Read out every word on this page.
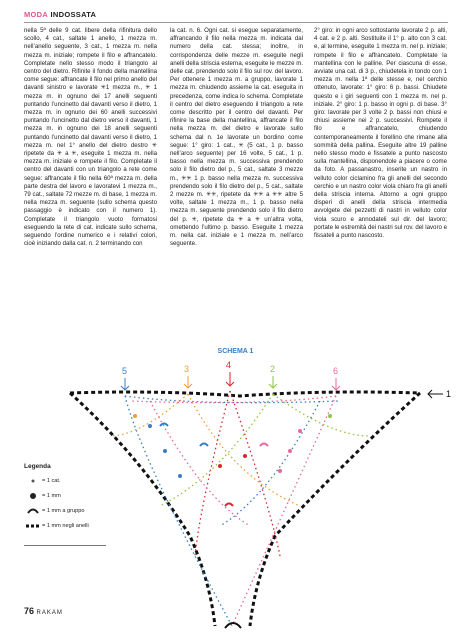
MODA INDOSSATA

nella 5ª delle 9 cat. libere della rifinitura dello scollo, 4 cat., saltate 1 anello, 1 mezza m. nell’anello seguente, 3 cat., 1 mezza m. nella mezza m. iniziale; rompete il filo e affrancatelo. Completate nello stesso modo il triangolo al centro del dietro. Rifinite il fondo della mantellina come segue: affrancate il filo nel primo anello del davanti sinistro e lavorate ✳1 mezza m., ✳ 1 mezza m. in ognuno dei 17 anelli seguenti puntando l’uncinetto dal davanti verso il dietro, 1 mezza m. in ognuno dei 60 anelli successivi puntando l’uncinetto dal dietro verso il davanti, 1 mezza m. in ognuno dei 18 anelli seguenti puntando l’uncinetto dal davanti verso il dietro, 1 mezza m. nel 1° anello del dietro destro ✳ ripetete da ✳ a ✳, eseguite 1 mezza m. nella mezza m. iniziale e rompete il filo. Completate il centro del davanti con un triangolo a rete come segue: affrancate il filo nella 60ª mezza m. della parte destra del lavoro e lavoratevi 1 mezza m., 79 cat., saltate 72 mezze m. di base, 1 mezza m. nella mezza m. seguente (sullo schema questo passaggio è indicato con il numero 1). Completate il triangolo vuoto formatosi eseguendo la rete di cat. indicate sullo schema, seguendo l’ordine numerico e i relativi colori, cioè iniziando dalla cat. n. 2 terminando con

la cat. n. 6. Ogni cat. si esegue separatamente, affrancando il filo nella mezza m. indicata dal numero della cat. stessa; inoltre, in corrispondenza delle mezze m. eseguite negli anelli della striscia esterna, eseguite le mezze m. delle cat. prendendo solo il filo sul rov. del lavoro. Per ottenere 1 mezza m. a gruppo, lavorate 1 mezza m. chiudendo assieme la cat. eseguita in precedenza, come indica lo schema. Completate il centro del dietro eseguendo il triangolo a rete come descritto per il centro del davanti. Per rifinire la base della mantellina, affrancate il filo nella mezza m. del dietro e lavorate sullo schema dal n. 1e lavorate un bordino come segue: 1° giro: 1 cat., ✳ (5 cat., 1 p. basso nell’arco seguente) per 16 volte, 5 cat., 1 p. basso nella mezza m. successiva prendendo solo il filo dietro del p., 5 cat., saltate 3 mezze m., ✳✳ 1 p. basso nella mezza m. successiva prendendo solo il filo dietro del p., 5 cat., saltate 2 mezze m. ✳✳, ripetete da ✳✳ a ✳✳ altre 5 volte, saltate 1 mezza m., 1 p. basso nella mezza m. seguente prendendo solo il filo dietro del p. ✳, ripetete da ✳ a ✳ un’altra volta, omettendo l’ultimo p. basso. Eseguite 1 mezza m. nella cat. iniziale e 1 mezza m. nell’arco seguente.

2° giro: in ogni arco sottostante lavorate 2 p. alti, 4 cat. e 2 p. alti. Sostituite il 1° p. alto con 3 cat. e, al termine, eseguite 1 mezza m. nel p. iniziale; rompete il filo e affrancatelo. Completate la mantellina con le palline. Per ciascuna di esse, avviate una cat. di 3 p., chiudetela in tondo con 1 mezza m. nella 1ª delle stesse e, nel cerchio ottenuto, lavorate: 1° giro: 6 p. bassi. Chiudete questo e i giri seguenti con 1 mezza m. nel p. iniziale. 2° giro: 1 p. basso in ogni p. di base. 3° giro: lavorate per 3 volte 2 p. bassi non chiusi e chiusi assieme nei 2 p. successivi. Rompete il filo e affrancatelo, chiudendo contemporaneamente il forellino che rimane alla sommità della pallina. Eseguite altre 19 palline nello stesso modo e fissatele a punto nascosto sulla mantellina, disponendole a piacere o come da foto. A passanastro, inserite un nastro in velluto color ciclamino fra gli anelli del secondo cerchio e un nastro color viola chiaro fra gli anelli della striscia interna. Attorno a ogni gruppo disperi di anelli della striscia intermedia avvolgete dei pezzetti di nastri in velluto color viola scuro e annodateli sul dir. del lavoro; portate le estremità dei nastri sul rov. del lavoro e fissateli a punto nascosto.

SCHEMA 1
5	3	4	2	6
1
Legenda
= 1 cat.
= 1 mm
= 1 mm a gruppo
= 1 mm negli anelli
76 RAKAM
